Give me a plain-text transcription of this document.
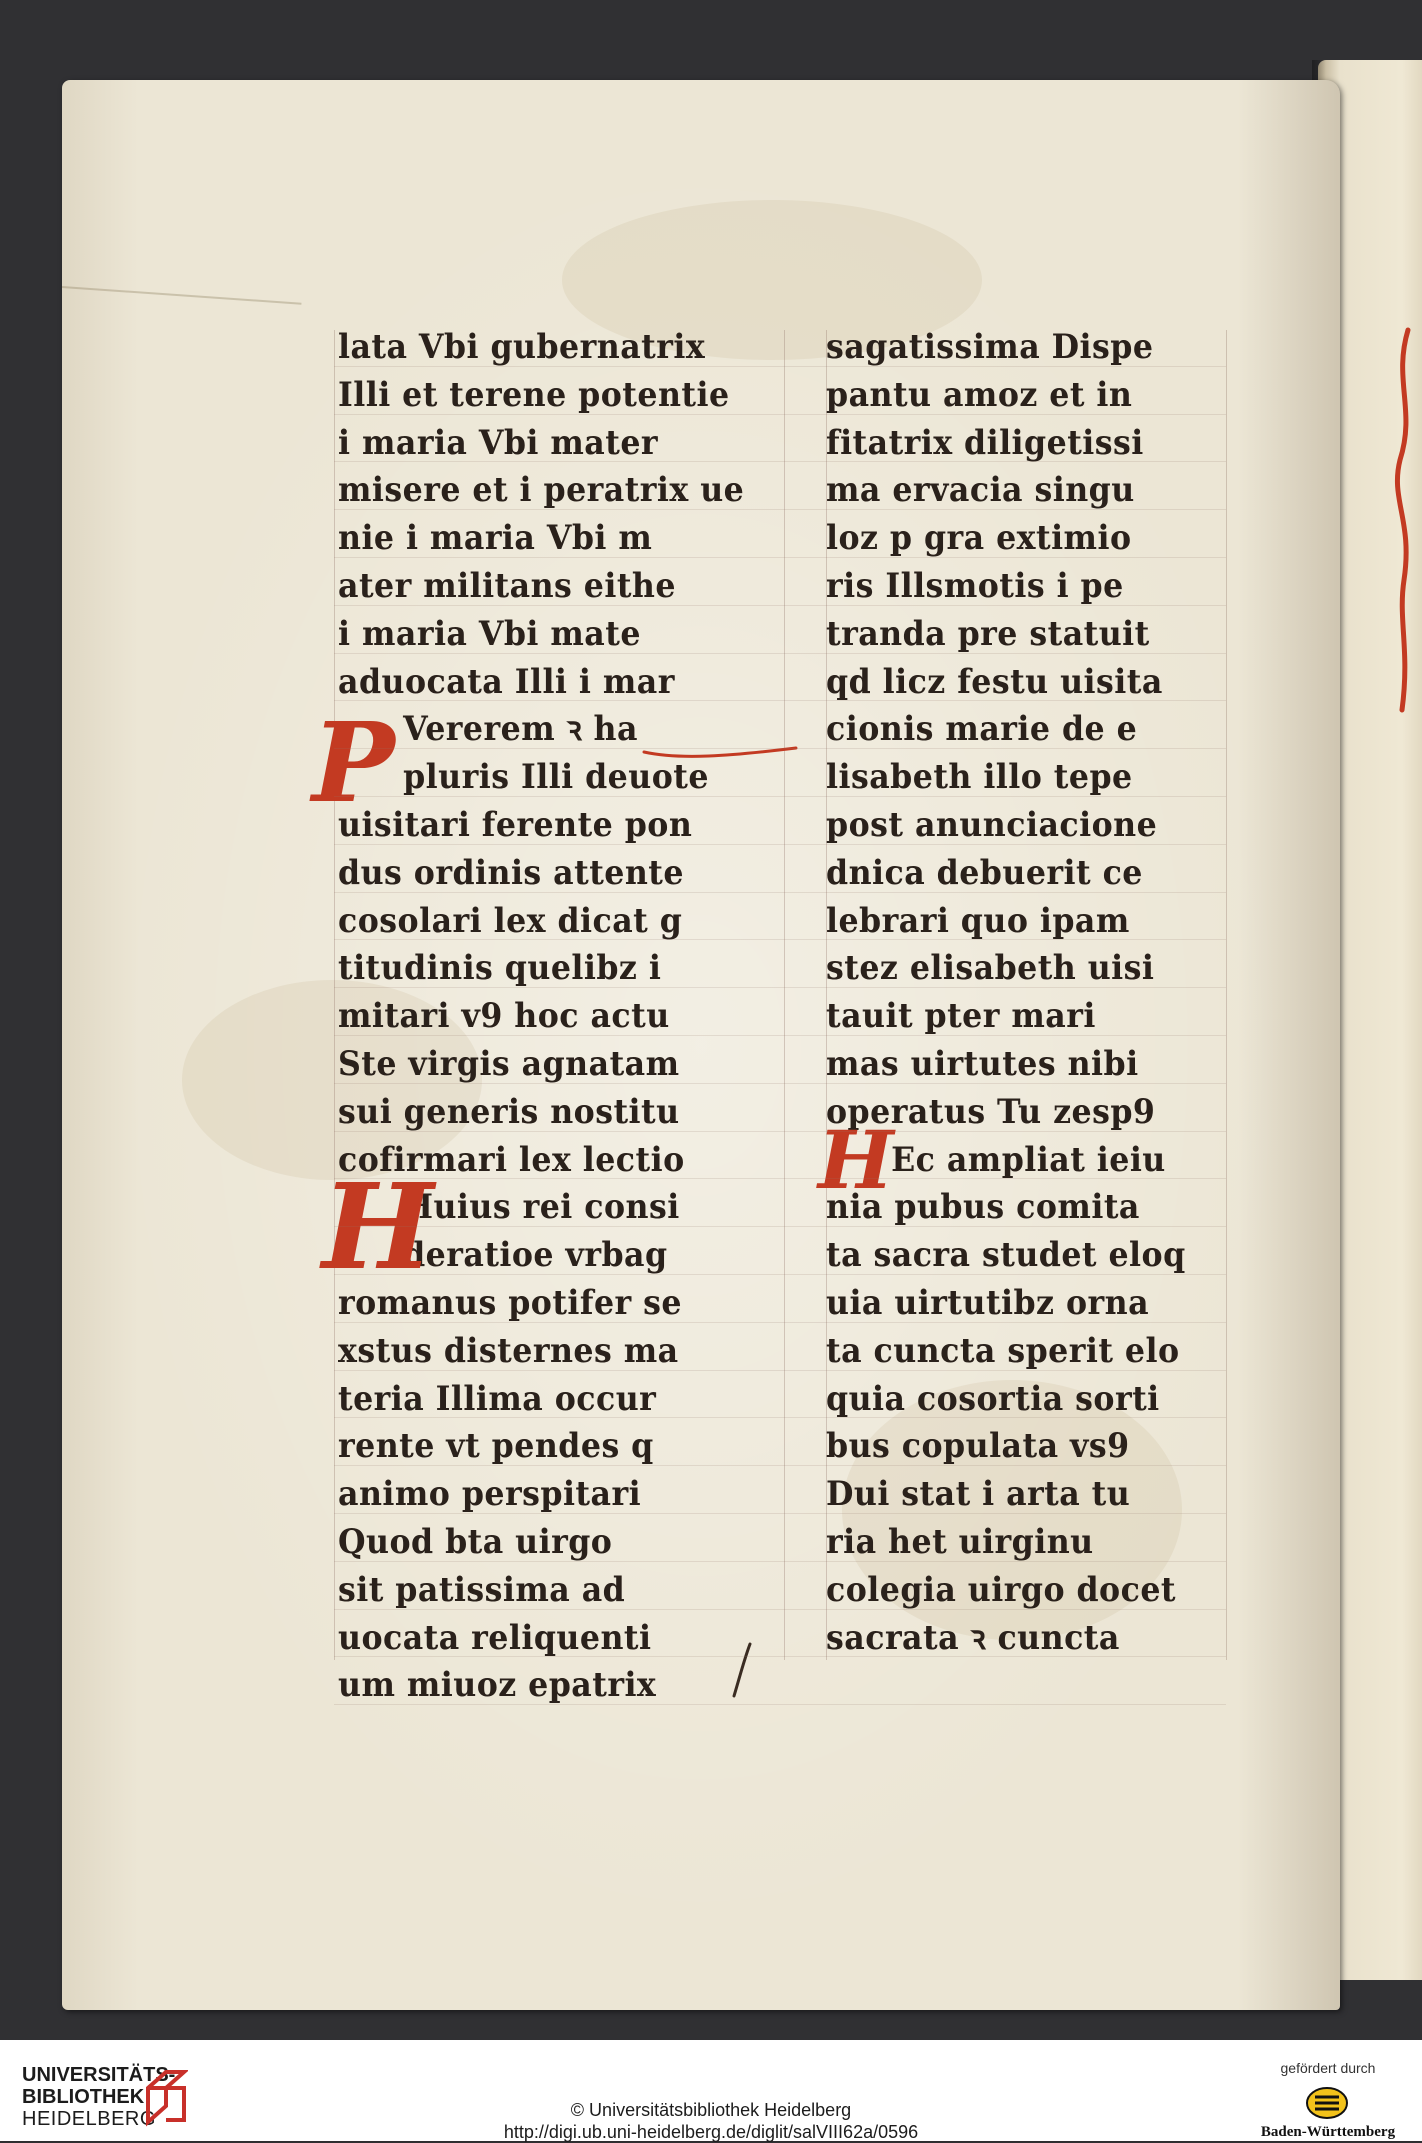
lata Vbi gubernatrix
Illi et terene potentie
i maria Vbi mater
misere et i peratrix ue
nie i maria Vbi m
ater militans eithe
i maria Vbi mate
aduocata Illi i mar
Vererem ꝛ ha
pluris Illi deuote
uisitari ferente pon
dus ordinis attente
cosolari lex dicat g
titudinis quelibz i
mitari v9 hoc actu
Ste virgis agnatam
sui generis nostitu
cofirmari lex lectio
Huius rei consi
deratioe vrbag
romanus potifer se
xstus disternes ma
teria Illima occur
rente vt pendes q
animo perspitari
Quod bta uirgo
sit patissima ad
uocata reliquenti
um miuoz epatrix
sagatissima Dispe
pantu amoz et in
fitatrix diligetissi
ma ervacia singu
loz p gra extimio
ris Illsmotis i pe
tranda pre statuit
qd licz festu uisita
cionis marie de e
lisabeth illo tepe
post anunciacione
dnica debuerit ce
lebrari quo ipam
stez elisabeth uisi
tauit pter mari
mas uirtutes nibi
operatus Tu zesp9
Ec ampliat ieiu
nia pubus comita
ta sacra studet eloq
uia uirtutibz orna
ta cuncta sperit elo
quia cosortia sorti
bus copulata vs9
Dui stat i arta tu
ria het uirginu
colegia uirgo docet
sacrata ꝛ cuncta
P
H	H
UNIVERSITÄTS-
BIBLIOTHEK
HEIDELBERG	© Universitätsbibliothek Heidelberg
http://digi.ub.uni-heidelberg.de/diglit/salVIII62a/0596
gefördert durch
Baden-Württemberg
